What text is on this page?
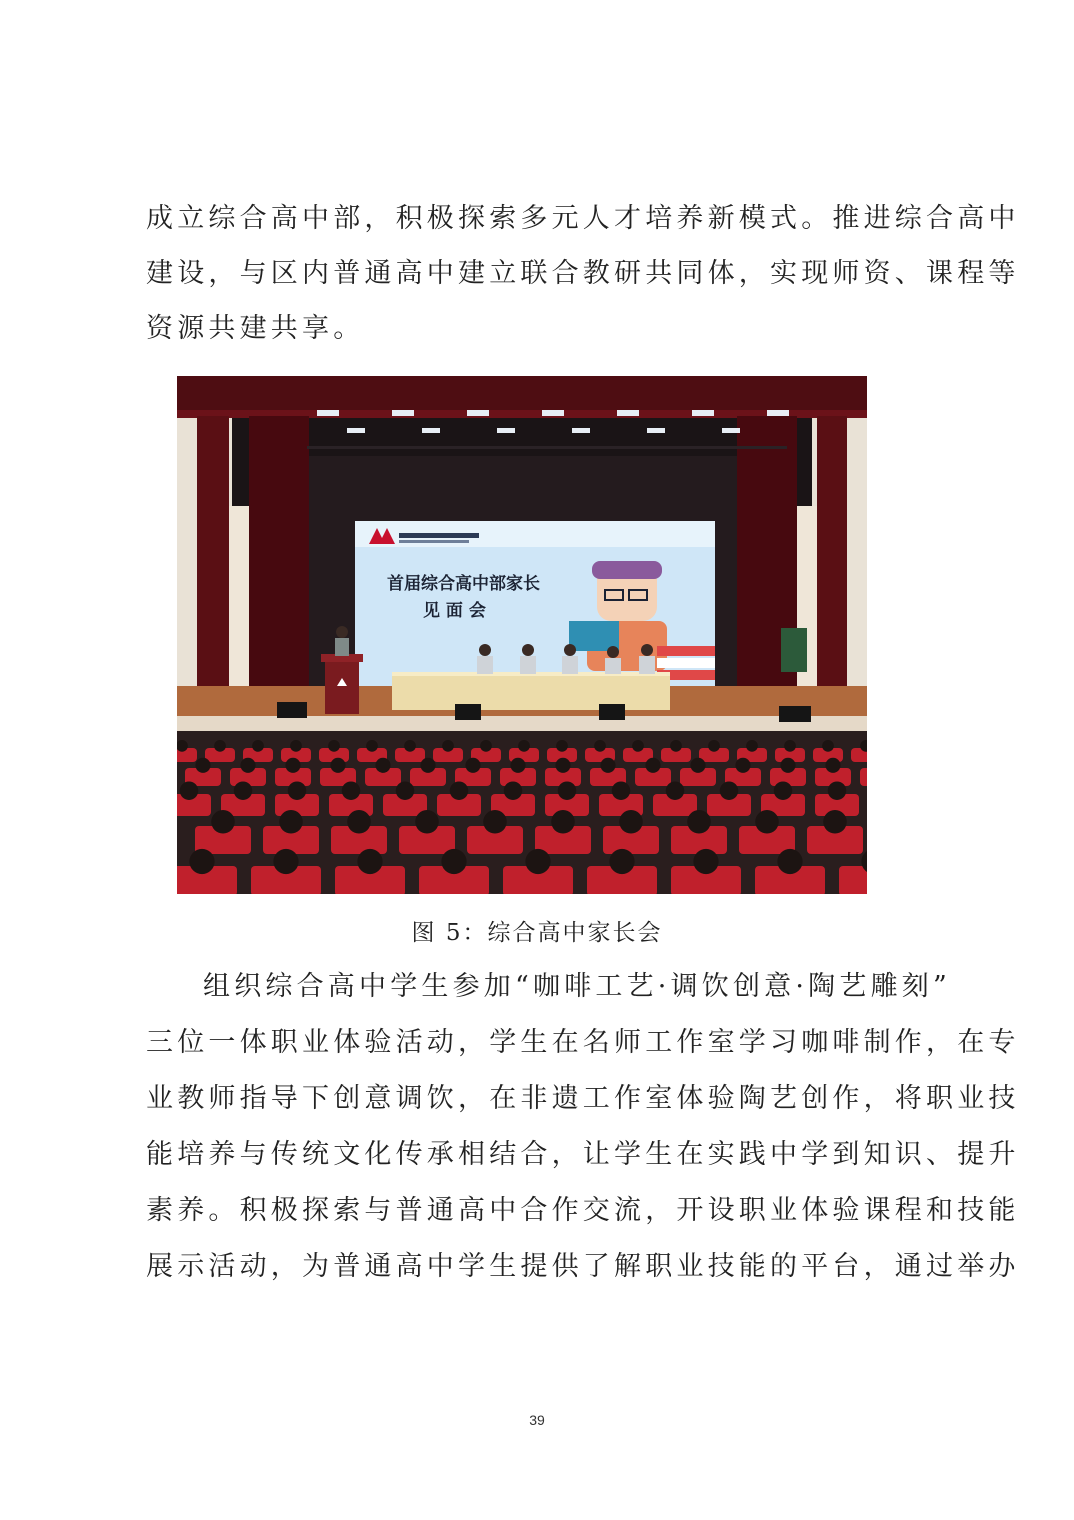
成立综合高中部，积极探索多元人才培养新模式。推进综合高中
建设，与区内普通高中建立联合教研共同体，实现师资、课程等
资源共建共享。
首届综合高中部家长
见 面 会
图 5：综合高中家长会
组织综合高中学生参加“咖啡工艺·调饮创意·陶艺雕刻”
三位一体职业体验活动，学生在名师工作室学习咖啡制作，在专
业教师指导下创意调饮，在非遗工作室体验陶艺创作，将职业技
能培养与传统文化传承相结合，让学生在实践中学到知识、提升
素养。积极探索与普通高中合作交流，开设职业体验课程和技能
展示活动，为普通高中学生提供了解职业技能的平台，通过举办
39
